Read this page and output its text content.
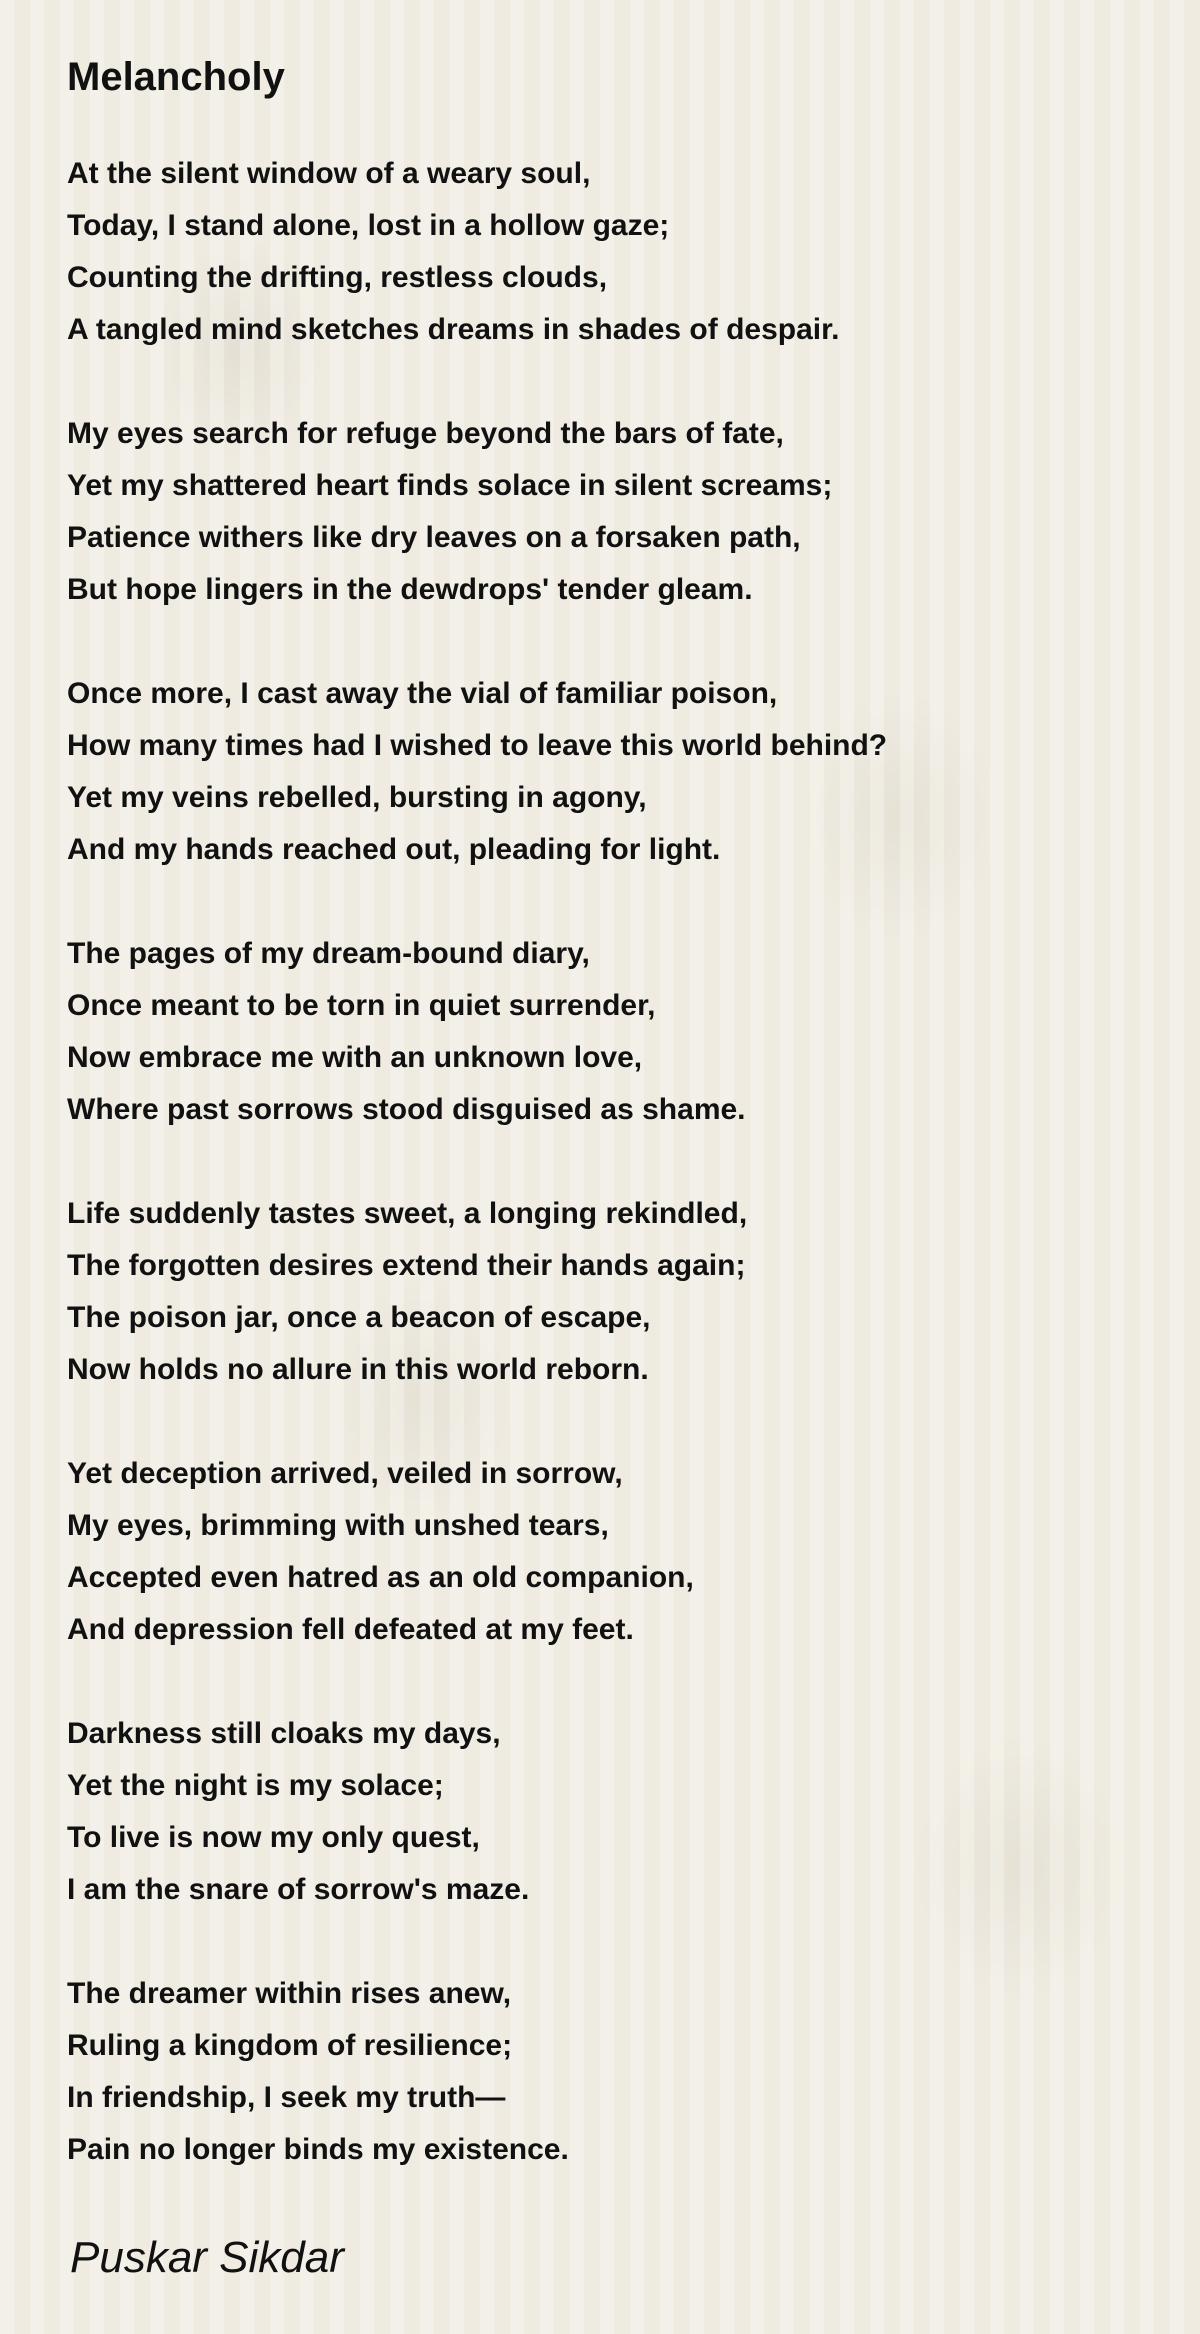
Melancholy
At the silent window of a weary soul,
Today, I stand alone, lost in a hollow gaze;
Counting the drifting, restless clouds,
A tangled mind sketches dreams in shades of despair.
My eyes search for refuge beyond the bars of fate,
Yet my shattered heart finds solace in silent screams;
Patience withers like dry leaves on a forsaken path,
But hope lingers in the dewdrops' tender gleam.
Once more, I cast away the vial of familiar poison,
How many times had I wished to leave this world behind?
Yet my veins rebelled, bursting in agony,
And my hands reached out, pleading for light.
The pages of my dream-bound diary,
Once meant to be torn in quiet surrender,
Now embrace me with an unknown love,
Where past sorrows stood disguised as shame.
Life suddenly tastes sweet, a longing rekindled,
The forgotten desires extend their hands again;
The poison jar, once a beacon of escape,
Now holds no allure in this world reborn.
Yet deception arrived, veiled in sorrow,
My eyes, brimming with unshed tears,
Accepted even hatred as an old companion,
And depression fell defeated at my feet.
Darkness still cloaks my days,
Yet the night is my solace;
To live is now my only quest,
I am the snare of sorrow's maze.
The dreamer within rises anew,
Ruling a kingdom of resilience;
In friendship, I seek my truth—
Pain no longer binds my existence.
Puskar Sikdar
